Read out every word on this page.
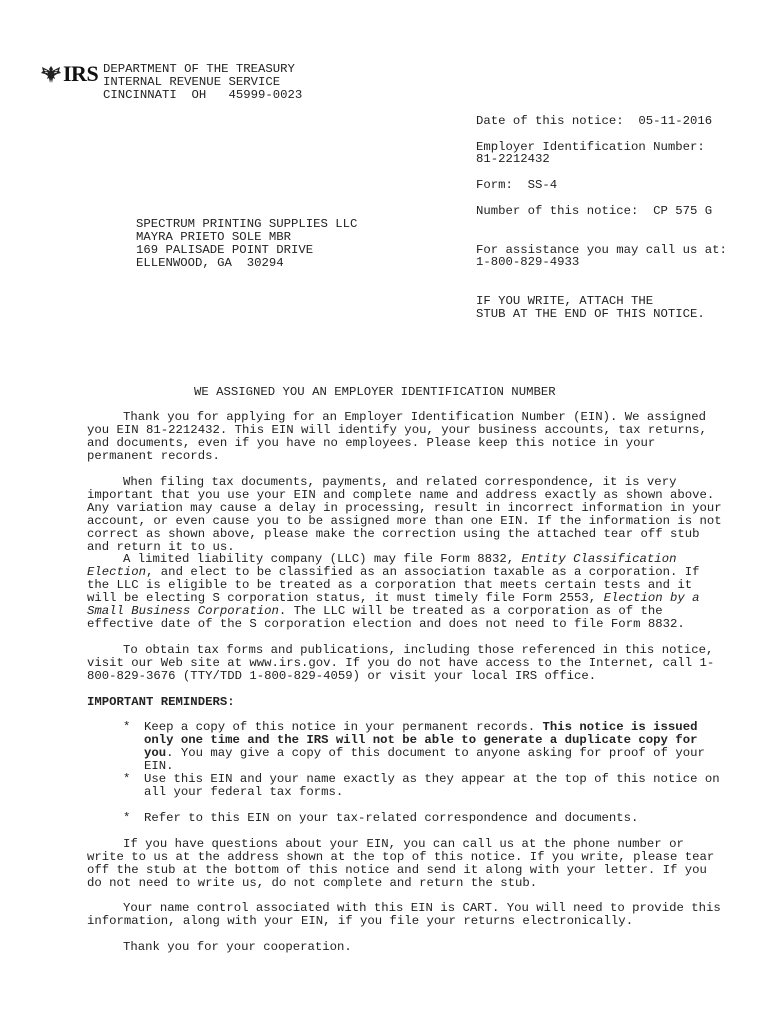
IRS DEPARTMENT OF THE TREASURY
INTERNAL REVENUE SERVICE
CINCINNATI  OH   45999-0023
Date of this notice:  05-11-2016
Employer Identification Number:
81-2212432
Form:  SS-4
Number of this notice:  CP 575 G
For assistance you may call us at:
1-800-829-4933
IF YOU WRITE, ATTACH THE
STUB AT THE END OF THIS NOTICE.
SPECTRUM PRINTING SUPPLIES LLC
MAYRA PRIETO SOLE MBR
169 PALISADE POINT DRIVE
ELLENWOOD, GA  30294
WE ASSIGNED YOU AN EMPLOYER IDENTIFICATION NUMBER

Thank you for applying for an Employer Identification Number (EIN). We assigned you EIN 81-2212432. This EIN will identify you, your business accounts, tax returns, and documents, even if you have no employees. Please keep this notice in your permanent records.

When filing tax documents, payments, and related correspondence, it is very important that you use your EIN and complete name and address exactly as shown above. Any variation may cause a delay in processing, result in incorrect information in your account, or even cause you to be assigned more than one EIN. If the information is not correct as shown above, please make the correction using the attached tear off stub and return it to us.

A limited liability company (LLC) may file Form 8832, Entity Classification Election, and elect to be classified as an association taxable as a corporation. If the LLC is eligible to be treated as a corporation that meets certain tests and it will be electing S corporation status, it must timely file Form 2553, Election by a Small Business Corporation. The LLC will be treated as a corporation as of the effective date of the S corporation election and does not need to file Form 8832.

To obtain tax forms and publications, including those referenced in this notice, visit our Web site at www.irs.gov. If you do not have access to the Internet, call 1-800-829-3676 (TTY/TDD 1-800-829-4059) or visit your local IRS office.

IMPORTANT REMINDERS:
* Keep a copy of this notice in your permanent records. This notice is issued only one time and the IRS will not be able to generate a duplicate copy for you. You may give a copy of this document to anyone asking for proof of your EIN.
* Use this EIN and your name exactly as they appear at the top of this notice on all your federal tax forms.
* Refer to this EIN on your tax-related correspondence and documents.

If you have questions about your EIN, you can call us at the phone number or write to us at the address shown at the top of this notice. If you write, please tear off the stub at the bottom of this notice and send it along with your letter. If you do not need to write us, do not complete and return the stub.

Your name control associated with this EIN is CART. You will need to provide this information, along with your EIN, if you file your returns electronically.

Thank you for your cooperation.
